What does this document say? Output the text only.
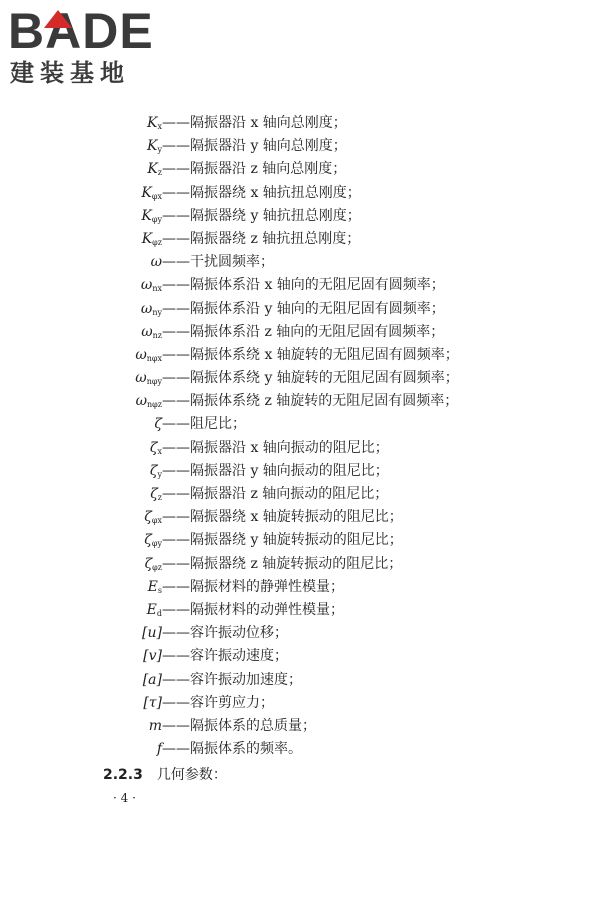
BADE
建装基地
$K_x$ ——隔振器沿 x 轴向总刚度；
$K_y$ ——隔振器沿 y 轴向总刚度；
$K_z$ ——隔振器沿 z 轴向总刚度；
$K_{\varphi x}$ ——隔振器绕 x 轴抗扭总刚度；
$K_{\varphi y}$ ——隔振器绕 y 轴抗扭总刚度；
$K_{\varphi z}$ ——隔振器绕 z 轴抗扭总刚度；
ω ——干扰圆频率；
$\omega_{nx}$ ——隔振体系沿 x 轴向的无阻尼固有圆频率；
$\omega_{ny}$ ——隔振体系沿 y 轴向的无阻尼固有圆频率；
$\omega_{nz}$ ——隔振体系沿 z 轴向的无阻尼固有圆频率；
$\omega_{n\varphi x}$ ——隔振体系绕 x 轴旋转的无阻尼固有圆频率；
$\omega_{n\varphi y}$ ——隔振体系绕 y 轴旋转的无阻尼固有圆频率；
$\omega_{n\varphi z}$ ——隔振体系绕 z 轴旋转的无阻尼固有圆频率；
ζ ——阻尼比；
$\zeta_x$ ——隔振器沿 x 轴向振动的阻尼比；
$\zeta_y$ ——隔振器沿 y 轴向振动的阻尼比；
$\zeta_z$ ——隔振器沿 z 轴向振动的阻尼比；
$\zeta_{\varphi x}$ ——隔振器绕 x 轴旋转振动的阻尼比；
$\zeta_{\varphi y}$ ——隔振器绕 y 轴旋转振动的阻尼比；
$\zeta_{\varphi z}$ ——隔振器绕 z 轴旋转振动的阻尼比；
$E_s$ ——隔振材料的静弹性模量；
$E_d$ ——隔振材料的动弹性模量；
[u] ——容许振动位移；
[v] ——容许振动速度；
[a] ——容许振动加速度；
[τ] ——容许剪应力；
m ——隔振体系的总质量；
f ——隔振体系的频率。
2.2.3 几何参数：
· 4 ·
